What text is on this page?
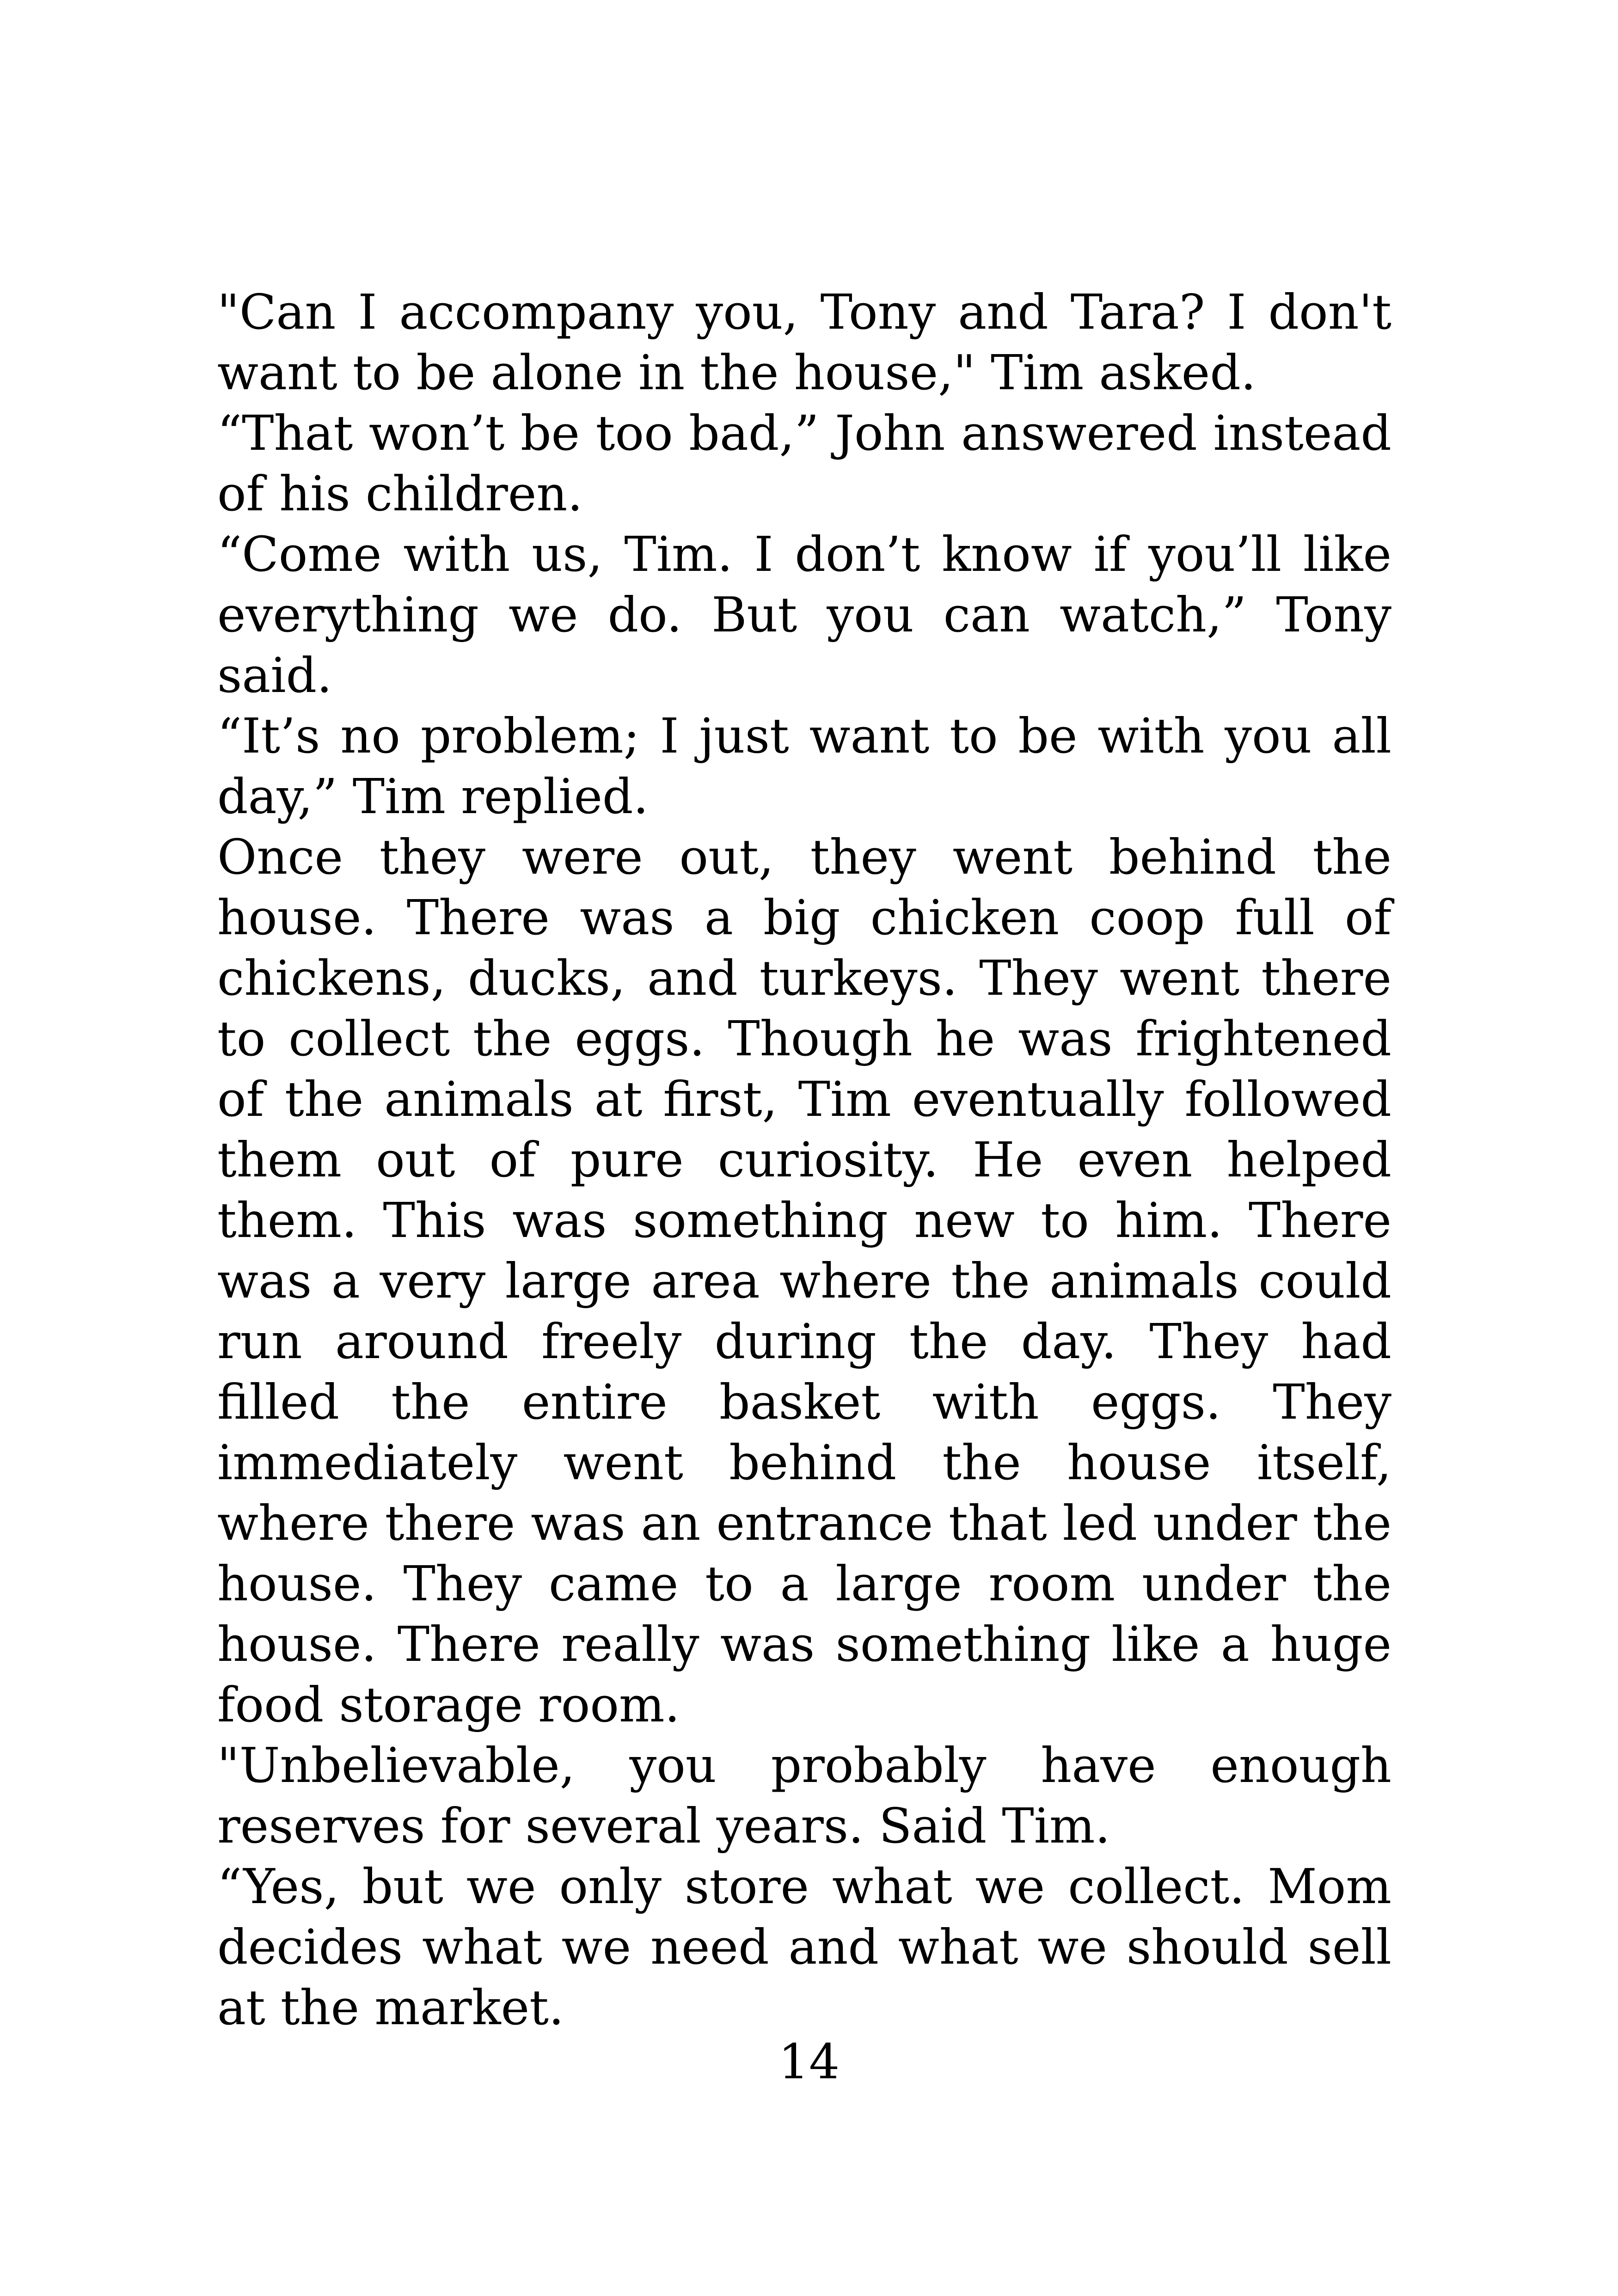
"Can I accompany you, Tony and Tara? I don't want to be alone in the house," Tim asked.

“That won’t be too bad,” John answered instead of his children.

“Come with us, Tim. I don’t know if you’ll like everything we do. But you can watch,” Tony said.

“It’s no problem; I just want to be with you all day,” Tim replied.

Once they were out, they went behind the house. There was a big chicken coop full of chickens, ducks, and turkeys. They went there to collect the eggs. Though he was frightened of the animals at first, Tim eventually followed them out of pure curiosity. He even helped them. This was something new to him. There was a very large area where the animals could run around freely during the day. They had filled the entire basket with eggs. They immediately went behind the house itself, where there was an entrance that led under the house. They came to a large room under the house. There really was something like a huge food storage room.

"Unbelievable, you probably have enough reserves for several years. Said Tim.

“Yes, but we only store what we collect. Mom decides what we need and what we should sell at the market.

14
